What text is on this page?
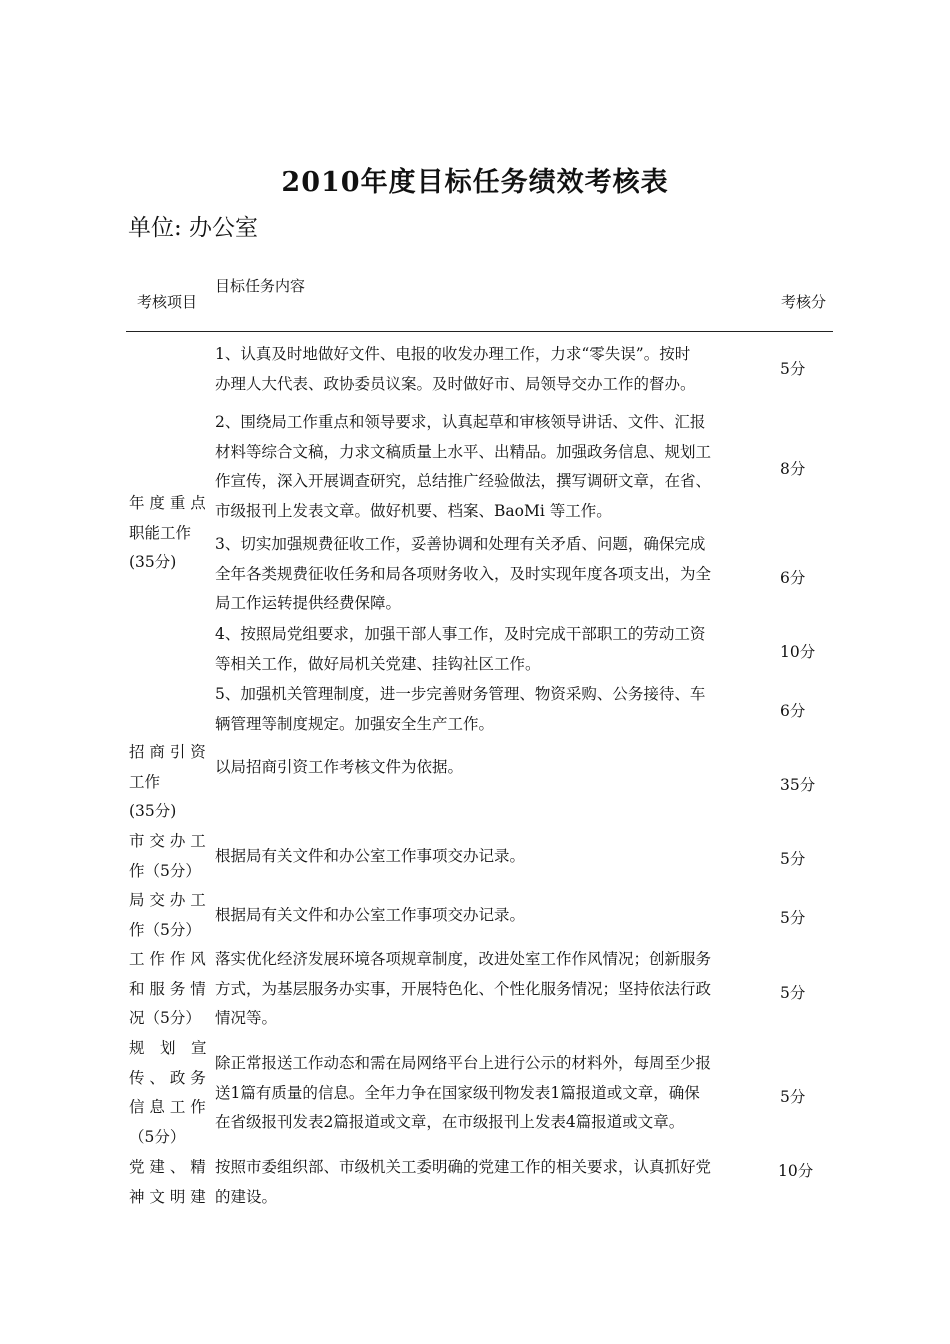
2010年度目标任务绩效考核表
单位: 办公室
考核项目
目标任务内容
考核分
1、认真及时地做好文件、电报的收发办理工作，力求“零失误”。按时
办理人大代表、政协委员议案。及时做好市、局领导交办工作的督办。
5分
2、围绕局工作重点和领导要求，认真起草和审核领导讲话、文件、汇报
材料等综合文稿，力求文稿质量上水平、出精品。加强政务信息、规划工
作宣传，深入开展调查研究，总结推广经验做法，撰写调研文章，在省、
市级报刊上发表文章。做好机要、档案、BaoMi 等工作。
8分
年 度 重 点
职能工作
(35分)
3、切实加强规费征收工作，妥善协调和处理有关矛盾、问题，确保完成
全年各类规费征收任务和局各项财务收入，及时实现年度各项支出，为全
局工作运转提供经费保障。
6分
4、按照局党组要求，加强干部人事工作，及时完成干部职工的劳动工资
等相关工作，做好局机关党建、挂钩社区工作。
10分
5、加强机关管理制度，进一步完善财务管理、物资采购、公务接待、车
辆管理等制度规定。加强安全生产工作。
6分
招 商 引 资
工作
(35分)
以局招商引资工作考核文件为依据。
35分
市 交 办 工
作（5分）
根据局有关文件和办公室工作事项交办记录。	5分
局 交 办 工
作（5分）
根据局有关文件和办公室工作事项交办记录。	5分
工 作 作 风
和 服 务 情
况（5分）
落实优化经济发展环境各项规章制度，改进处室工作作风情况；创新服务
方式，为基层服务办实事，开展特色化、个性化服务情况；坚持依法行政
情况等。
5分
规　划　宣
传 、 政 务
信 息 工 作
（5分）
除正常报送工作动态和需在局网络平台上进行公示的材料外，每周至少报
送1篇有质量的信息。全年力争在国家级刊物发表1篇报道或文章，确保
在省级报刊发表2篇报道或文章，在市级报刊上发表4篇报道或文章。
5分
党 建 、 精
神 文 明 建
按照市委组织部、市级机关工委明确的党建工作的相关要求，认真抓好党
的建设。
10分
